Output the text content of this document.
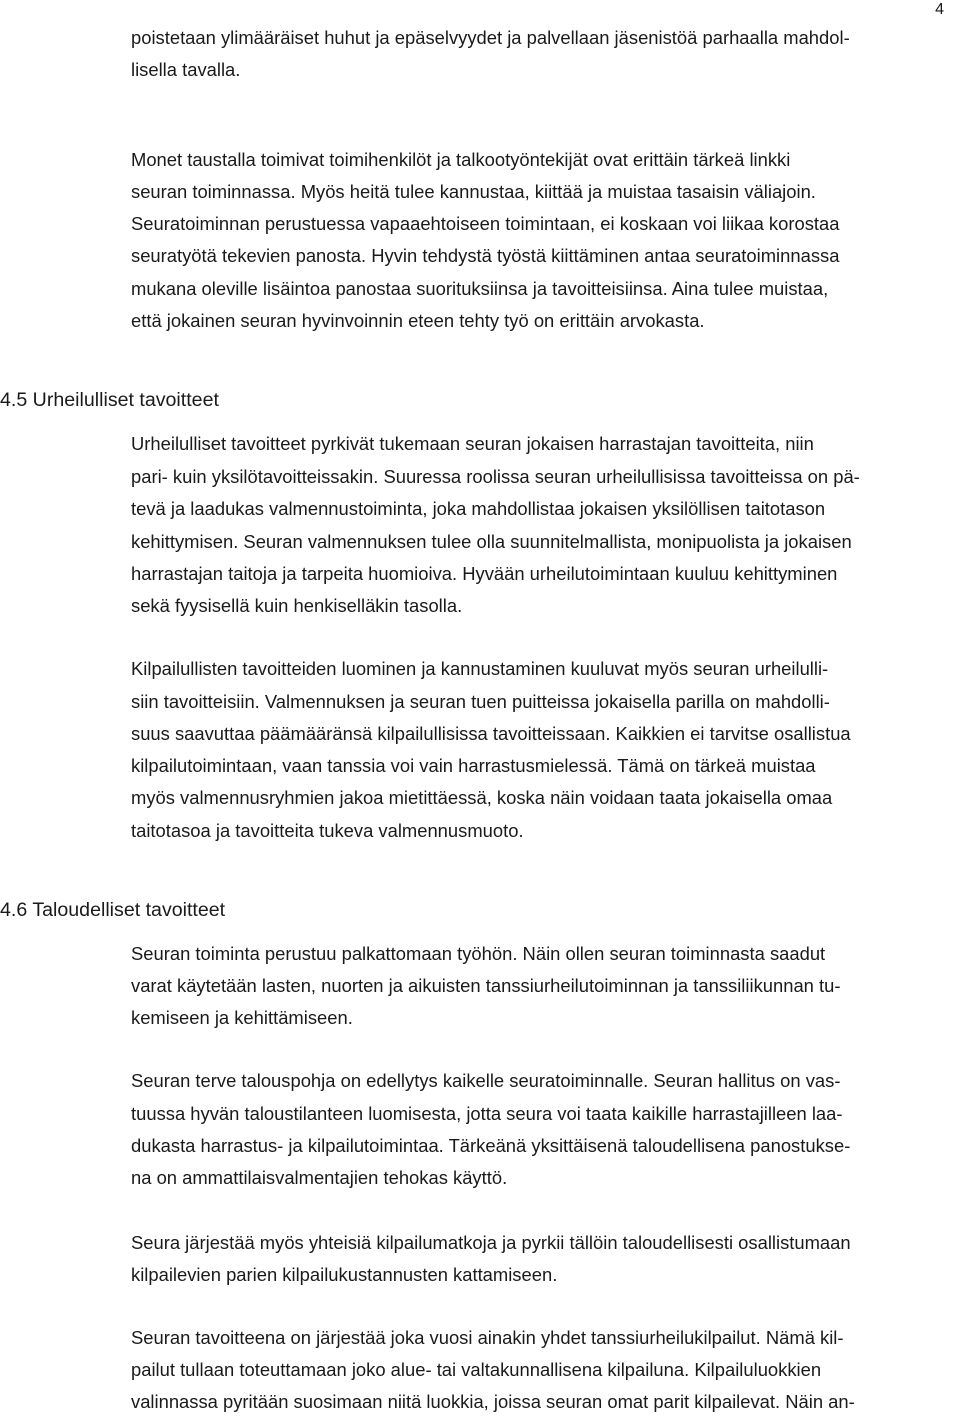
4
poistetaan ylimääräiset huhut ja epäselvyydet ja palvellaan jäsenistöä parhaalla mahdol-
lisella tavalla.
Monet taustalla toimivat toimihenkilöt ja talkootyöntekijät ovat erittäin tärkeä linkki
seuran toiminnassa. Myös heitä tulee kannustaa, kiittää ja muistaa tasaisin väliajoin.
Seuratoiminnan perustuessa vapaaehtoiseen toimintaan, ei koskaan voi liikaa korostaa
seuratyötä tekevien panosta. Hyvin tehdystä työstä kiittäminen antaa seuratoiminnassa
mukana oleville lisäintoa panostaa suorituksiinsa ja tavoitteisiinsa. Aina tulee muistaa,
että jokainen seuran hyvinvoinnin eteen tehty työ on erittäin arvokasta.
4.5 Urheilulliset tavoitteet
Urheilulliset tavoitteet pyrkivät tukemaan seuran jokaisen harrastajan tavoitteita, niin
pari- kuin yksilötavoitteissakin. Suuressa roolissa seuran urheilullisissa tavoitteissa on pä-
tevä ja laadukas valmennustoiminta, joka mahdollistaa jokaisen yksilöllisen taitotason
kehittymisen. Seuran valmennuksen tulee olla suunnitelmallista, monipuolista ja jokaisen
harrastajan taitoja ja tarpeita huomioiva. Hyvään urheilutoimintaan kuuluu kehittyminen
sekä fyysisellä kuin henkiselläkin tasolla.
Kilpailullisten tavoitteiden luominen ja kannustaminen kuuluvat myös seuran urheilulli-
siin tavoitteisiin. Valmennuksen ja seuran tuen puitteissa jokaisella parilla on mahdolli-
suus saavuttaa päämääränsä kilpailullisissa tavoitteissaan. Kaikkien ei tarvitse osallistua
kilpailutoimintaan, vaan tanssia voi vain harrastusmielessä. Tämä on tärkeä muistaa
myös valmennusryhmien jakoa mietittäessä, koska näin voidaan taata jokaisella omaa
taitotasoa ja tavoitteita tukeva valmennusmuoto.
4.6 Taloudelliset tavoitteet
Seuran toiminta perustuu palkattomaan työhön. Näin ollen seuran toiminnasta saadut
varat käytetään lasten, nuorten ja aikuisten tanssiurheilutoiminnan ja tanssiliikunnan tu-
kemiseen ja kehittämiseen.
Seuran terve talouspohja on edellytys kaikelle seuratoiminnalle. Seuran hallitus on vas-
tuussa hyvän taloustilanteen luomisesta, jotta seura voi taata kaikille harrastajilleen laa-
dukasta harrastus- ja kilpailutoimintaa. Tärkeänä yksittäisenä taloudellisena panostukse-
na on ammattilaisvalmentajien tehokas käyttö.
Seura järjestää myös yhteisiä kilpailumatkoja ja pyrkii tällöin taloudellisesti osallistumaan
kilpailevien parien kilpailukustannusten kattamiseen.
Seuran tavoitteena on järjestää joka vuosi ainakin yhdet tanssiurheilukilpailut. Nämä kil-
pailut tullaan toteuttamaan joko alue- tai valtakunnallisena kilpailuna. Kilpailuluokkien
valinnassa pyritään suosimaan niitä luokkia, joissa seuran omat parit kilpailevat. Näin an-
